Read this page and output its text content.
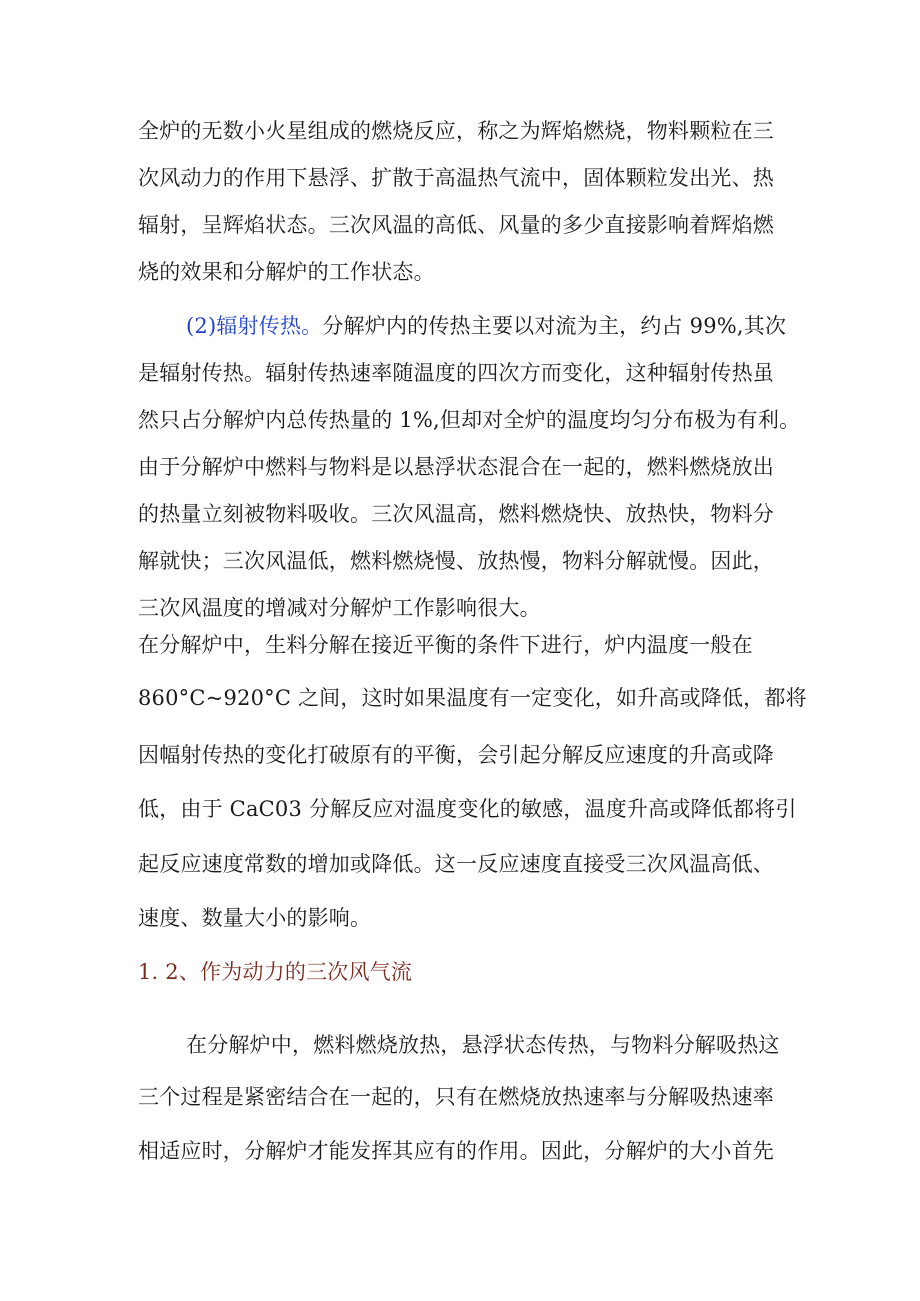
全炉的无数小火星组成的燃烧反应，称之为辉焰燃烧，物料颗粒在三
次风动力的作用下悬浮、扩散于高温热气流中，固体颗粒发出光、热
辐射，呈辉焰状态。三次风温的高低、风量的多少直接影响着辉焰燃
烧的效果和分解炉的工作状态。
(2)辐射传热。分解炉内的传热主要以对流为主，约占 99%,其次
是辐射传热。辐射传热速率随温度的四次方而变化，这种辐射传热虽
然只占分解炉内总传热量的 1%,但却对全炉的温度均匀分布极为有利。
由于分解炉中燃料与物料是以悬浮状态混合在一起的，燃料燃烧放出
的热量立刻被物料吸收。三次风温高，燃料燃烧快、放热快，物料分
解就快；三次风温低，燃料燃烧慢、放热慢，物料分解就慢。因此，
三次风温度的增减对分解炉工作影响很大。
在分解炉中，生料分解在接近平衡的条件下进行，炉内温度一般在
860°C~920°C 之间，这时如果温度有一定变化，如升高或降低，都将
因幅射传热的变化打破原有的平衡，会引起分解反应速度的升高或降
低，由于 CaC03 分解反应对温度变化的敏感，温度升高或降低都将引
起反应速度常数的增加或降低。这一反应速度直接受三次风温高低、
速度、数量大小的影响。
1. 2、作为动力的三次风气流
在分解炉中，燃料燃烧放热，悬浮状态传热，与物料分解吸热这
三个过程是紧密结合在一起的，只有在燃烧放热速率与分解吸热速率
相适应时，分解炉才能发挥其应有的作用。因此，分解炉的大小首先
